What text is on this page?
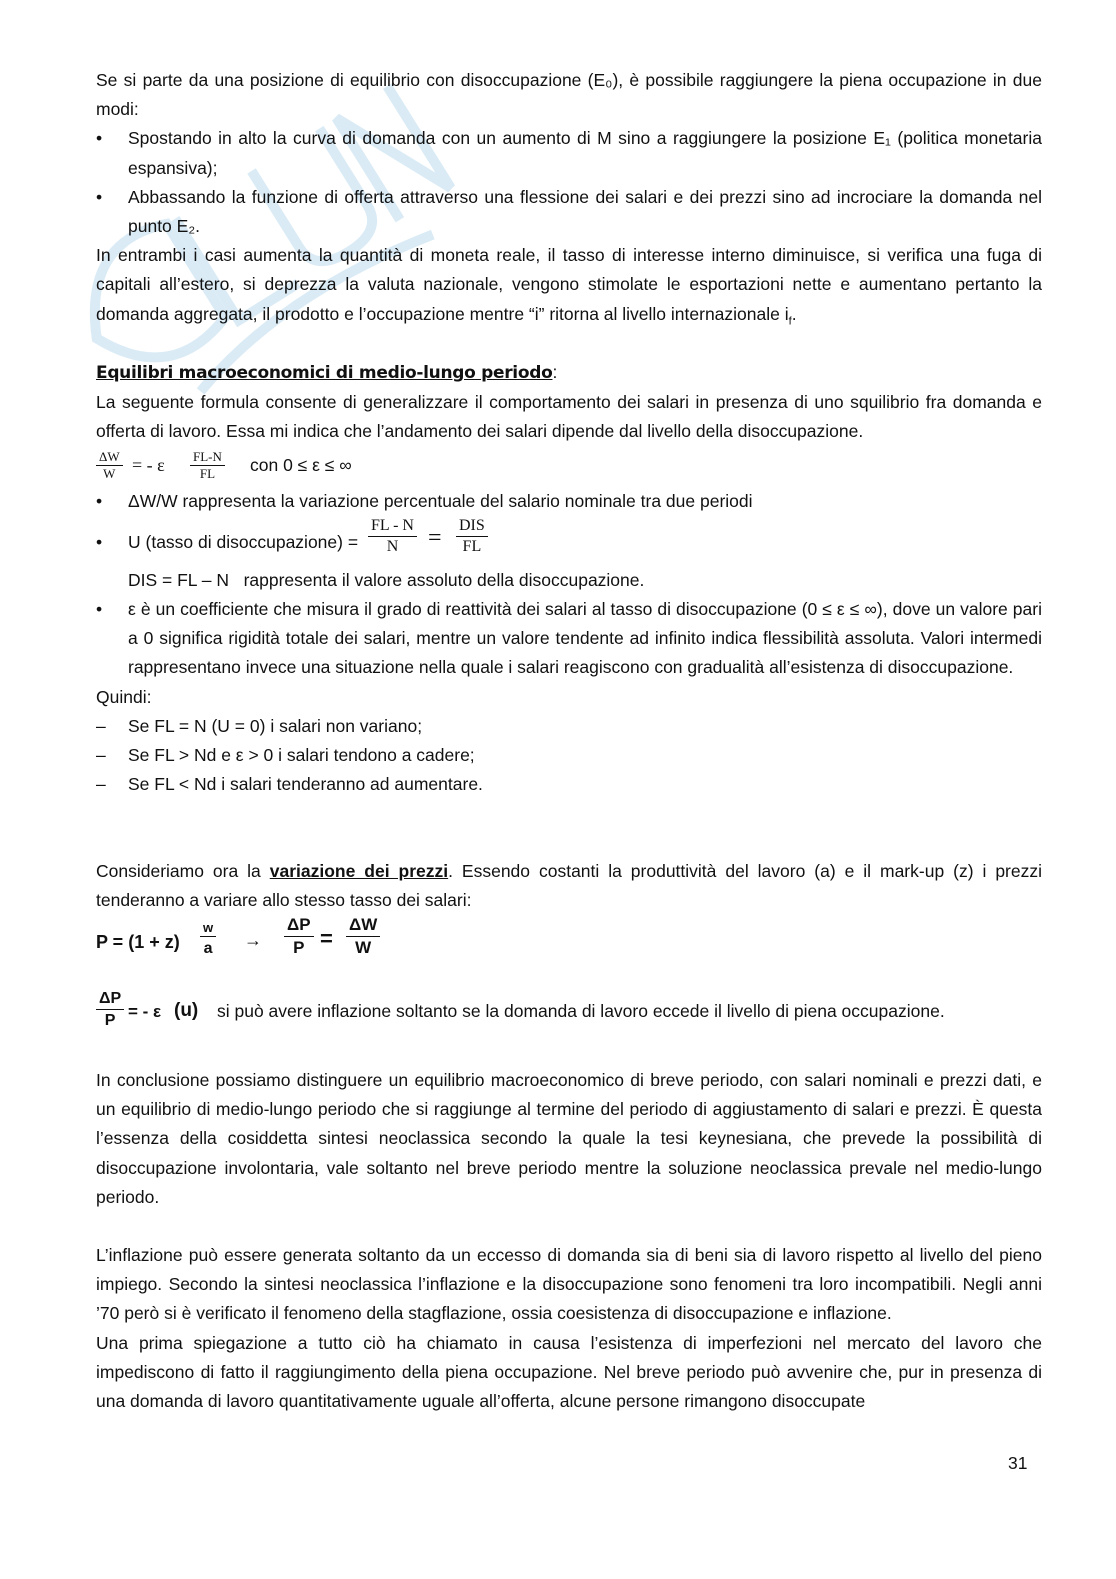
Se si parte da una posizione di equilibrio con disoccupazione (E₀), è possibile raggiungere la piena occupazione in due modi:

•	Spostando in alto la curva di domanda con un aumento di M sino a raggiungere la posizione E₁ (politica monetaria espansiva);
•	Abbassando la funzione di offerta attraverso una flessione dei salari e dei prezzi sino ad incrociare la domanda nel punto E₂.

In entrambi i casi aumenta la quantità di moneta reale, il tasso di interesse interno diminuisce, si verifica una fuga di capitali all’estero, si deprezza la valuta nazionale, vengono stimolate le esportazioni nette e aumentano pertanto la domanda aggregata, il prodotto e l’occupazione mentre “i” ritorna al livello internazionale $i_f$.

Equilibri macroeconomici di medio-lungo periodo:

La seguente formula consente di generalizzare il comportamento dei salari in presenza di uno squilibrio fra domanda e offerta di lavoro. Essa mi indica che l’andamento dei salari dipende dal livello della disoccupazione.

$\frac{\Delta W}{W}$ = - ε $\frac{FL-N}{FL}$ con 0 ≤ ε ≤ ∞
•	ΔW/W rappresenta la variazione percentuale del salario nominale tra due periodi
•	U (tasso di disoccupazione) = $\frac{FL - N}{N}$ = DIS
FL

DIS = FL – N   rappresenta il valore assoluto della disoccupazione.

•	ε è un coefficiente che misura il grado di reattività dei salari al tasso di disoccupazione (0 ≤ ε ≤ ∞), dove un valore pari a 0 significa rigidità totale dei salari, mentre un valore tendente ad infinito indica flessibilità assoluta. Valori intermedi rappresentano invece una situazione nella quale i salari reagiscono con gradualità all’esistenza di disoccupazione.

Quindi:

–	Se FL = N (U = 0) i salari non variano;
–	Se FL > Nd e ε > 0 i salari tendono a cadere;
–	Se FL < Nd i salari tenderanno ad aumentare.

Consideriamo ora la variazione dei prezzi. Essendo costanti la produttività del lavoro (a) e il mark-up (z) i prezzi tenderanno a variare allo stesso tasso dei salari:

P = (1 + z)
w
$a \to \frac{\Delta P}{P} = \frac{\Delta W}{W}$
$\frac{\Delta P}{P}$ = - ε (u) si può avere inflazione soltanto se la domanda di lavoro eccede il livello di piena occupazione.

In conclusione possiamo distinguere un equilibrio macroeconomico di breve periodo, con salari nominali e prezzi dati, e un equilibrio di medio-lungo periodo che si raggiunge al termine del periodo di aggiustamento di salari e prezzi. È questa l’essenza della cosiddetta sintesi neoclassica secondo la quale la tesi keynesiana, che prevede la possibilità di disoccupazione involontaria, vale soltanto nel breve periodo mentre la soluzione neoclassica prevale nel medio-lungo periodo.

L’inflazione può essere generata soltanto da un eccesso di domanda sia di beni sia di lavoro rispetto al livello del pieno impiego. Secondo la sintesi neoclassica l’inflazione e la disoccupazione sono fenomeni tra loro incompatibili. Negli anni ’70 però si è verificato il fenomeno della stagflazione, ossia coesistenza di disoccupazione e inflazione.

Una prima spiegazione a tutto ciò ha chiamato in causa l’esistenza di imperfezioni nel mercato del lavoro che impediscono di fatto il raggiungimento della piena occupazione. Nel breve periodo può avvenire che, pur in presenza di una domanda di lavoro quantitativamente uguale all’offerta, alcune persone rimangono disoccupate

31
